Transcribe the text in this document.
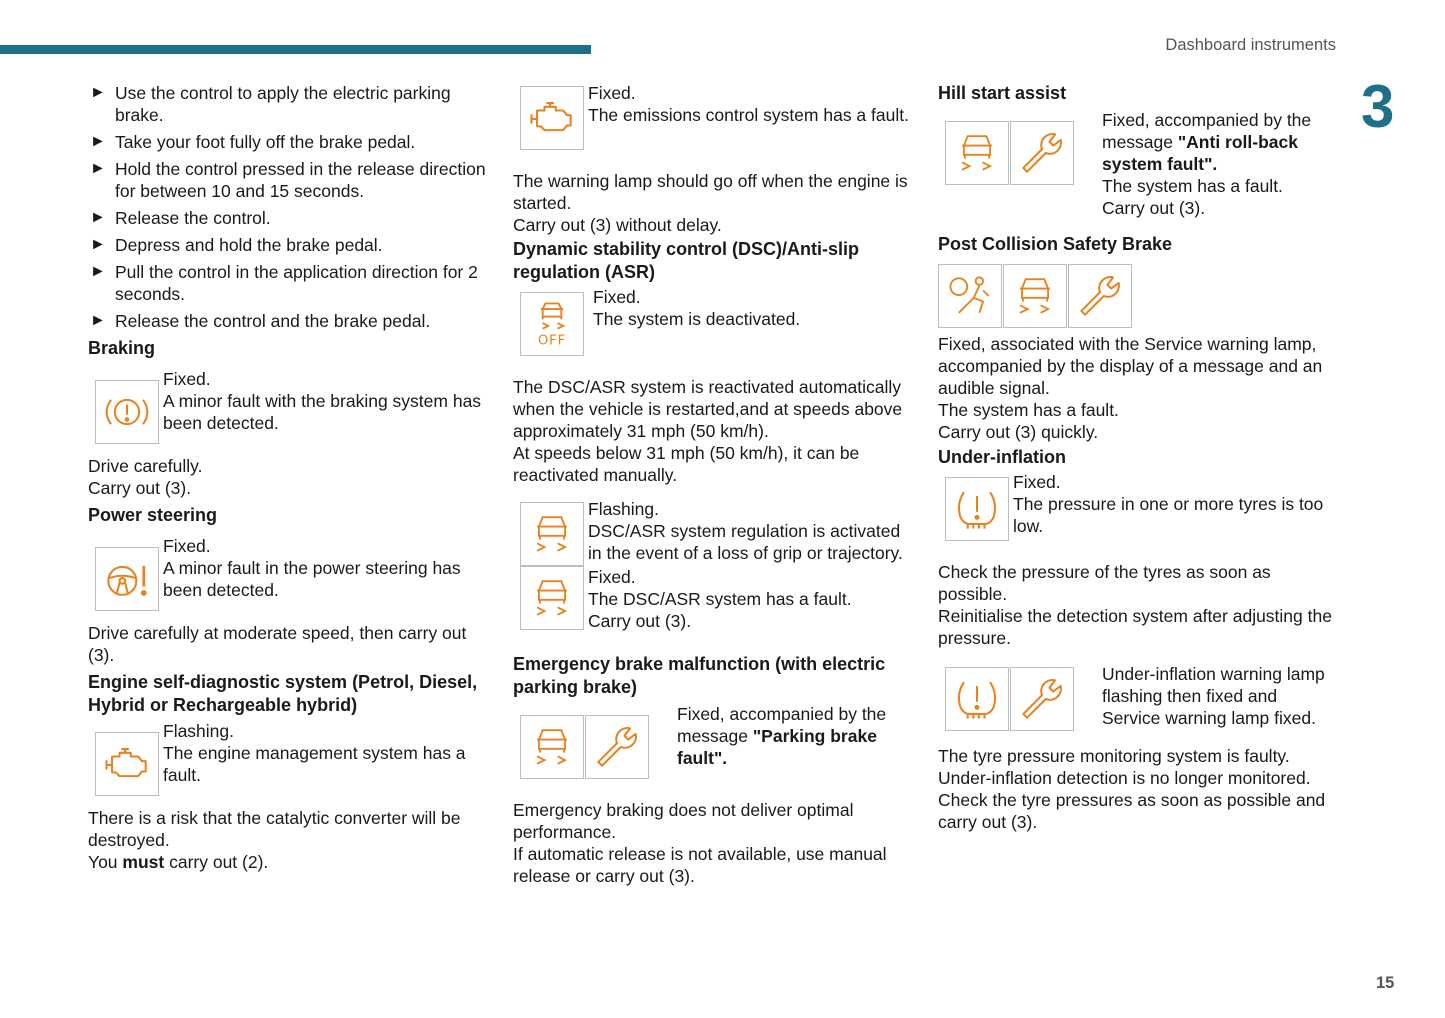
Dashboard instruments
3
15
► Use the control to apply the electric parking brake.
► Take your foot fully off the brake pedal.
► Hold the control pressed in the release direction for between 10 and 15 seconds.
► Release the control.
► Depress and hold the brake pedal.
► Pull the control in the application direction for 2 seconds.
► Release the control and the brake pedal.
Braking

Fixed.

A minor fault with the braking system has been detected.

Drive carefully.

Carry out (3).

Power steering

Fixed.

A minor fault in the power steering has been detected.

Drive carefully at moderate speed, then carry out (3).

Engine self-diagnostic system (Petrol, Diesel, Hybrid or Rechargeable hybrid)

Flashing.

The engine management system has a fault.

There is a risk that the catalytic converter will be destroyed.

You must carry out (2).

Fixed.

The emissions control system has a fault.

The warning lamp should go off when the engine is started.

Carry out (3) without delay.

Dynamic stability control (DSC)/Anti-slip regulation (ASR)
OFF

Fixed.

The system is deactivated.

The DSC/ASR system is reactivated automatically when the vehicle is restarted,and at speeds above approximately 31 mph (50 km/h).

At speeds below 31 mph (50 km/h), it can be reactivated manually.

Flashing.

DSC/ASR system regulation is activated in the event of a loss of grip or trajectory.

Fixed.

The DSC/ASR system has a fault.

Carry out (3).

Emergency brake malfunction (with electric parking brake)

Fixed, accompanied by the message "Parking brake fault".

Emergency braking does not deliver optimal performance.

If automatic release is not available, use manual release or carry out (3).

Hill start assist

Fixed, accompanied by the message "Anti roll-back system fault".

The system has a fault.

Carry out (3).

Post Collision Safety Brake

Fixed, associated with the Service warning lamp, accompanied by the display of a message and an audible signal.

The system has a fault.

Carry out (3) quickly.

Under-inflation

Fixed.

The pressure in one or more tyres is too low.

Check the pressure of the tyres as soon as possible.

Reinitialise the detection system after adjusting the pressure.

Under-inflation warning lamp flashing then fixed and Service warning lamp fixed.

The tyre pressure monitoring system is faulty.

Under-inflation detection is no longer monitored.

Check the tyre pressures as soon as possible and carry out (3).
